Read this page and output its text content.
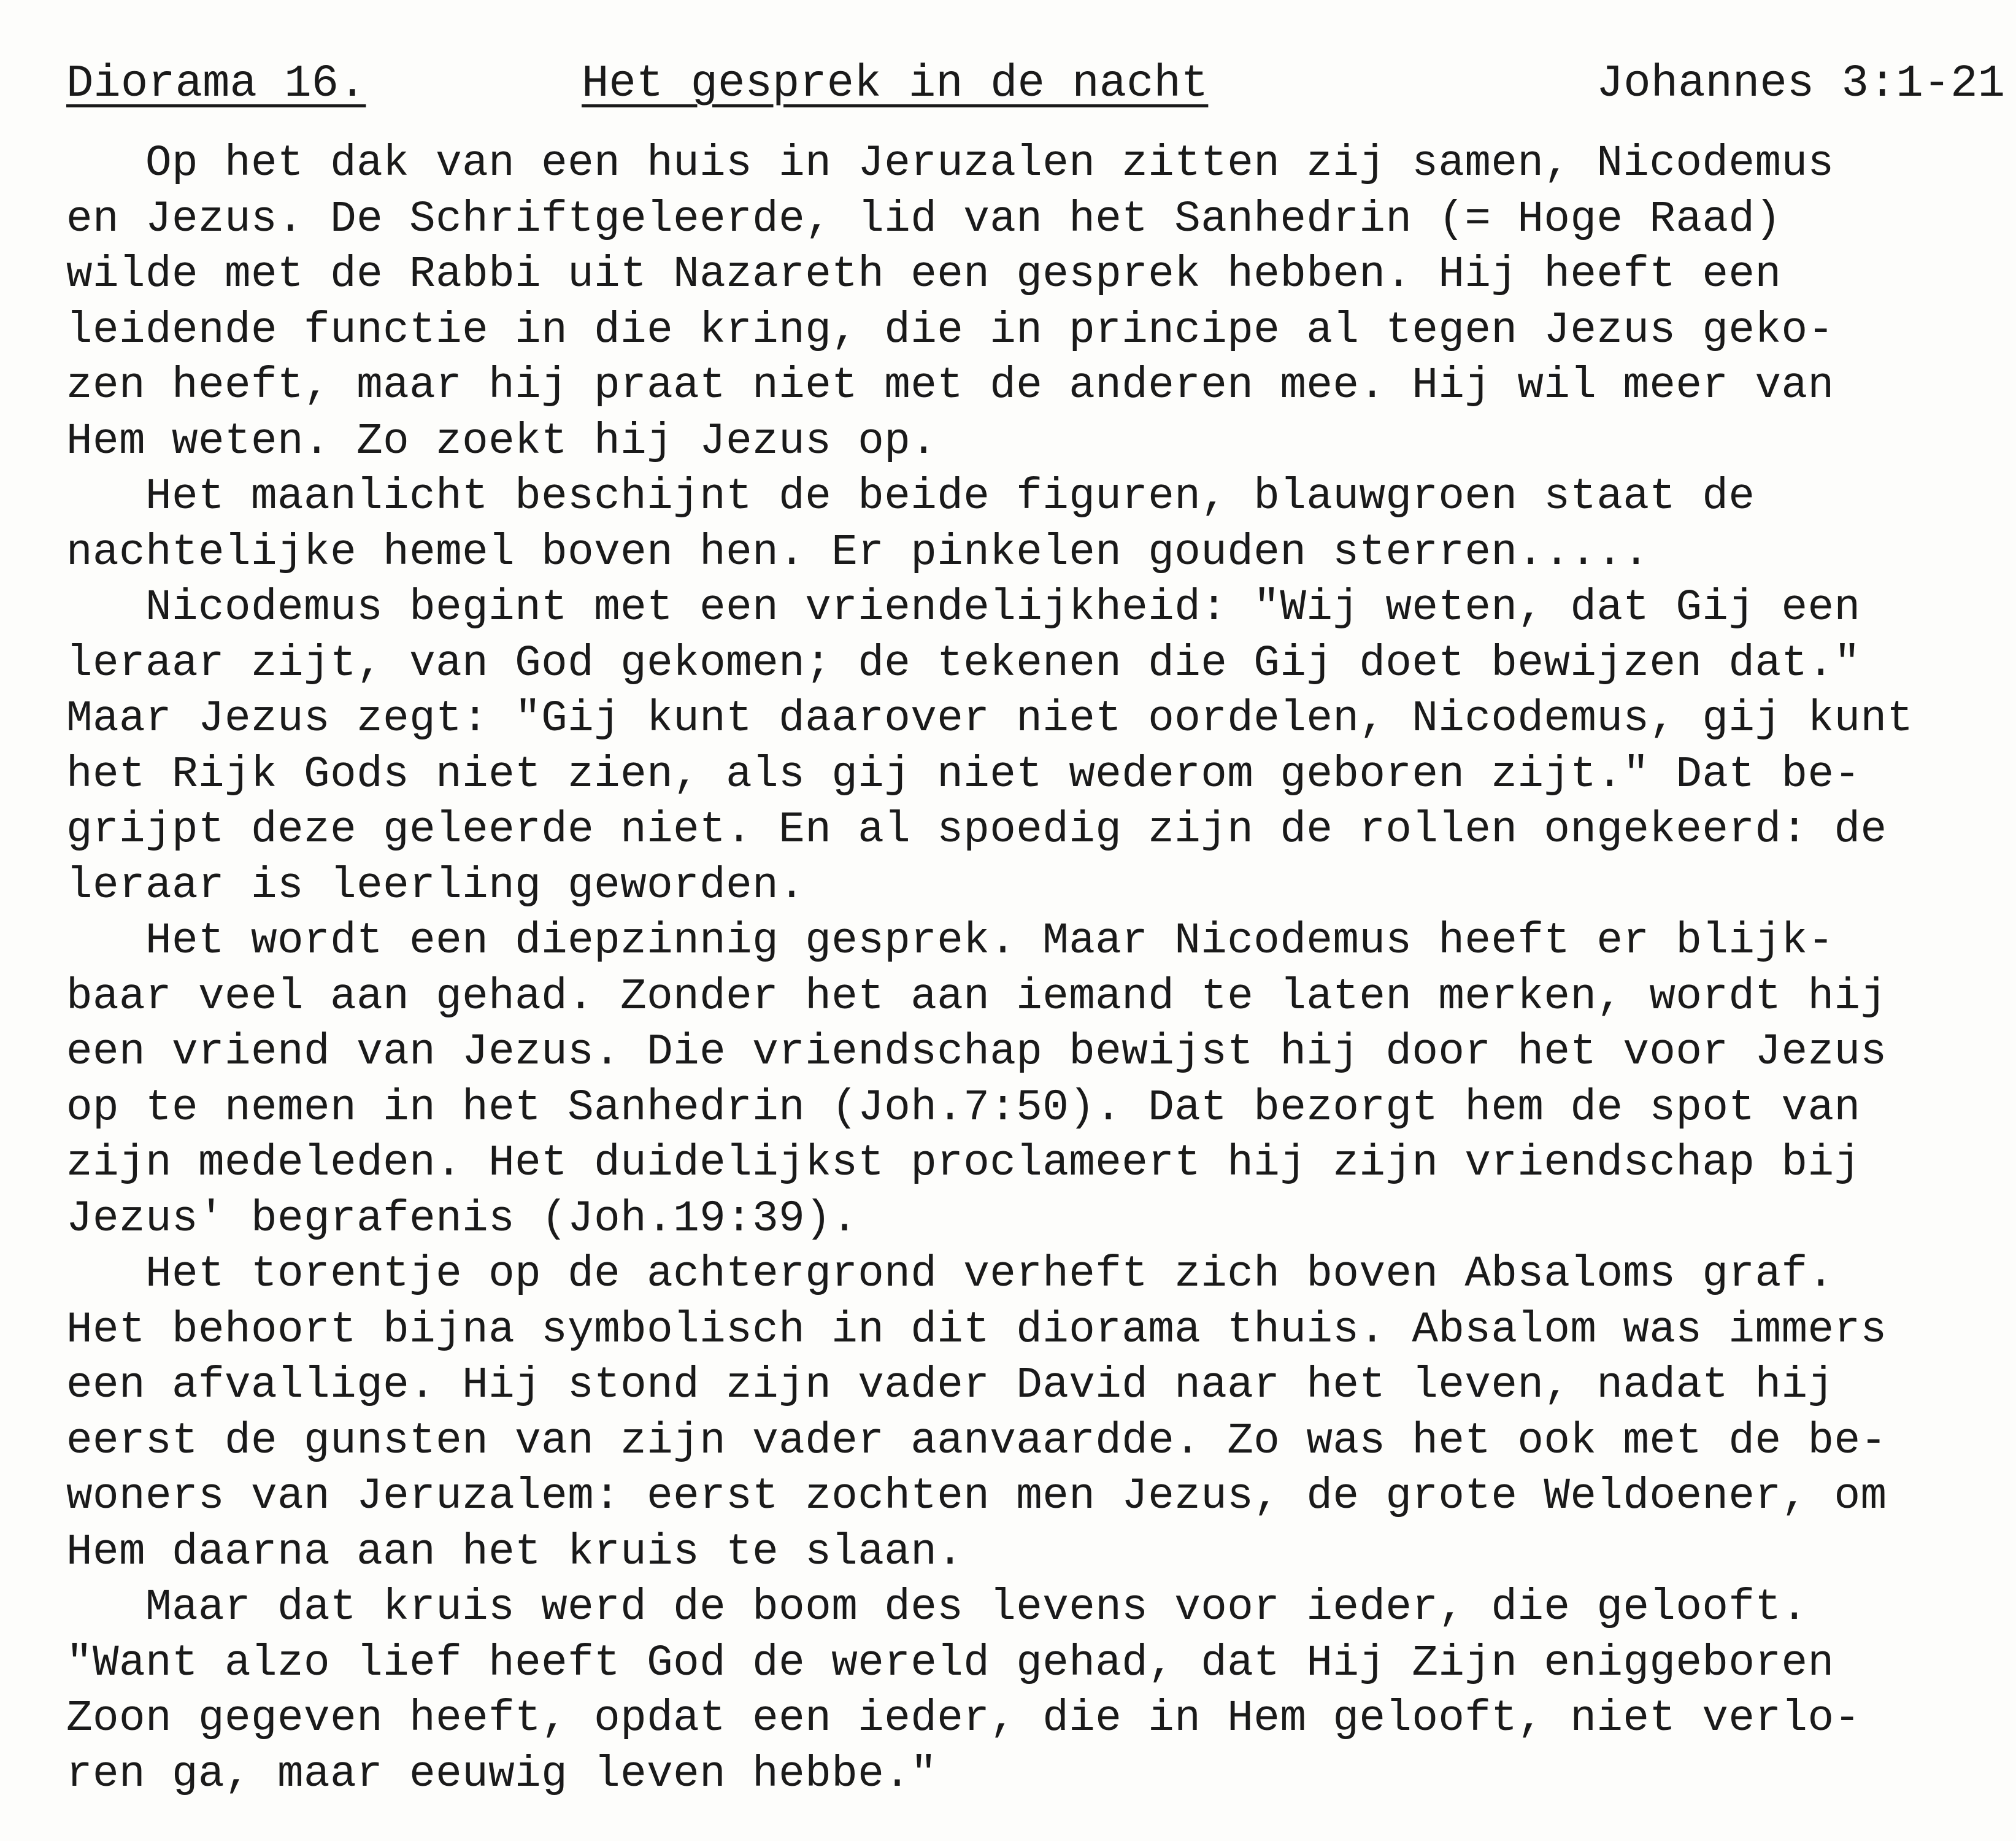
Diorama 16.	Het gesprek in de nacht	Johannes 3:1-21
Op het dak van een huis in Jeruzalen zitten zij samen, Nicodemus
en Jezus. De Schriftgeleerde, lid van het Sanhedrin (= Hoge Raad)
wilde met de Rabbi uit Nazareth een gesprek hebben. Hij heeft een
leidende functie in die kring, die in principe al tegen Jezus geko-
zen heeft, maar hij praat niet met de anderen mee. Hij wil meer van
Hem weten. Zo zoekt hij Jezus op.
Het maanlicht beschijnt de beide figuren, blauwgroen staat de
nachtelijke hemel boven hen. Er pinkelen gouden sterren.....
Nicodemus begint met een vriendelijkheid: "Wij weten, dat Gij een
leraar zijt, van God gekomen; de tekenen die Gij doet bewijzen dat."
Maar Jezus zegt: "Gij kunt daarover niet oordelen, Nicodemus, gij kunt
het Rijk Gods niet zien, als gij niet wederom geboren zijt." Dat be-
grijpt deze geleerde niet. En al spoedig zijn de rollen ongekeerd: de
leraar is leerling geworden.
Het wordt een diepzinnig gesprek. Maar Nicodemus heeft er blijk-
baar veel aan gehad. Zonder het aan iemand te laten merken, wordt hij
een vriend van Jezus. Die vriendschap bewijst hij door het voor Jezus
op te nemen in het Sanhedrin (Joh.7:50). Dat bezorgt hem de spot van
zijn medeleden. Het duidelijkst proclameert hij zijn vriendschap bij
Jezus' begrafenis (Joh.19:39).
Het torentje op de achtergrond verheft zich boven Absaloms graf.
Het behoort bijna symbolisch in dit diorama thuis. Absalom was immers
een afvallige. Hij stond zijn vader David naar het leven, nadat hij
eerst de gunsten van zijn vader aanvaardde. Zo was het ook met de be-
woners van Jeruzalem: eerst zochten men Jezus, de grote Weldoener, om
Hem daarna aan het kruis te slaan.
Maar dat kruis werd de boom des levens voor ieder, die gelooft.
"Want alzo lief heeft God de wereld gehad, dat Hij Zijn eniggeboren
Zoon gegeven heeft, opdat een ieder, die in Hem gelooft, niet verlo-
ren ga, maar eeuwig leven hebbe."
